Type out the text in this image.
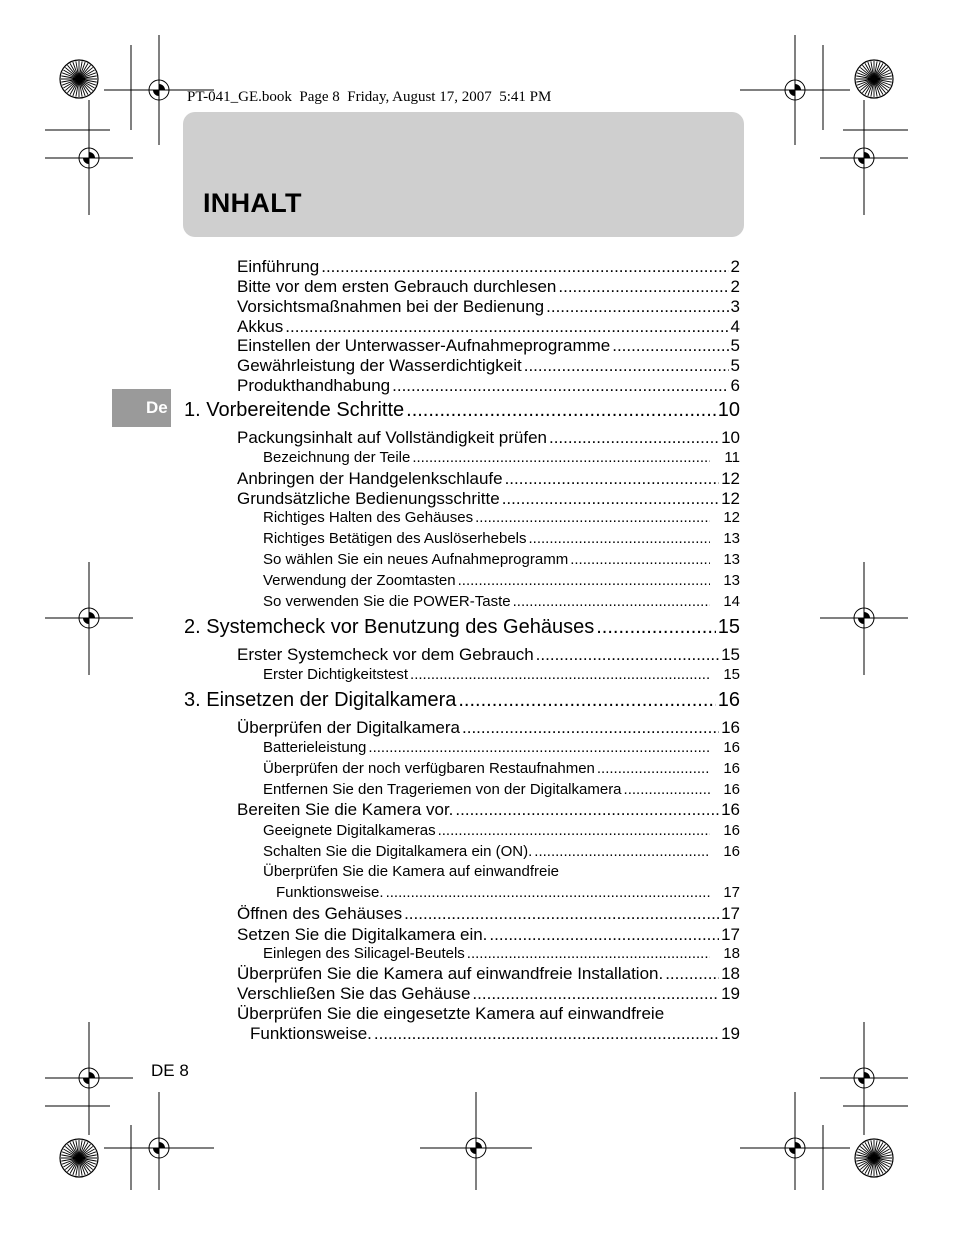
PT-041_GE.book  Page 8  Friday, August 17, 2007  5:41 PM
INHALT
De
Einführung .....	2
Bitte vor dem ersten Gebrauch durchlesen .....	2
Vorsichtsmaßnahmen bei der Bedienung .....	3
Akkus .....	4
Einstellen der Unterwasser-Aufnahmeprogramme .....	5
Gewährleistung der Wasserdichtigkeit .....	5
Produkthandhabung .....	6
1. Vorbereitende Schritte .....	10
Packungsinhalt auf Vollständigkeit prüfen .....	10
Bezeichnung der Teile .....	11
Anbringen der Handgelenkschlaufe .....	12
Grundsätzliche Bedienungsschritte .....	12
Richtiges Halten des Gehäuses .....	12
Richtiges Betätigen des Auslöserhebels .....	13
So wählen Sie ein neues Aufnahmeprogramm .....	13
Verwendung der Zoomtasten .....	13
So verwenden Sie die POWER-Taste .....	14
2. Systemcheck vor Benutzung des Gehäuses .....	15
Erster Systemcheck vor dem Gebrauch .....	15
Erster Dichtigkeitstest .....	15
3. Einsetzen der Digitalkamera .....	16
Überprüfen der Digitalkamera .....	16
Batterieleistung .....	16
Überprüfen der noch verfügbaren Restaufnahmen .....	16
Entfernen Sie den Trageriemen von der Digitalkamera .....	16
Bereiten Sie die Kamera vor. .....	16
Geeignete Digitalkameras .....	16
Schalten Sie die Digitalkamera ein (ON). .....	16
Überprüfen Sie die Kamera auf einwandfreie
Funktionsweise. .....	17
Öffnen des Gehäuses .....	17
Setzen Sie die Digitalkamera ein. .....	17
Einlegen des Silicagel-Beutels .....	18
Überprüfen Sie die Kamera auf einwandfreie Installation. .....	18
Verschließen Sie das Gehäuse .....	19
Überprüfen Sie die eingesetzte Kamera auf einwandfreie
Funktionsweise. .....	19
DE 8
